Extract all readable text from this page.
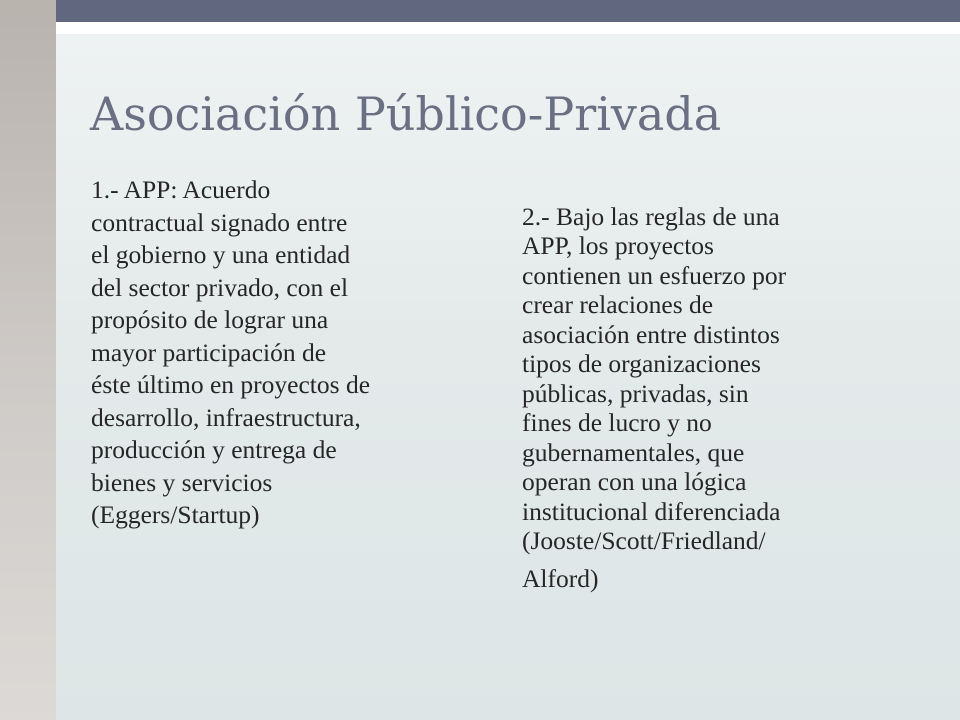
Asociación Público-Privada

1.- APP: Acuerdo
contractual signado entre
el gobierno y una entidad
del sector privado, con el
propósito de lograr una
mayor participación de
éste último en proyectos de
desarrollo, infraestructura,
producción y entrega de
bienes y servicios
(Eggers/Startup)

2.- Bajo las reglas de una
APP, los proyectos
contienen un esfuerzo por
crear relaciones de
asociación entre distintos
tipos de organizaciones
públicas, privadas, sin
fines de lucro y no
gubernamentales, que
operan con una lógica
institucional diferenciada
(Jooste/Scott/Friedland/

Alford)
